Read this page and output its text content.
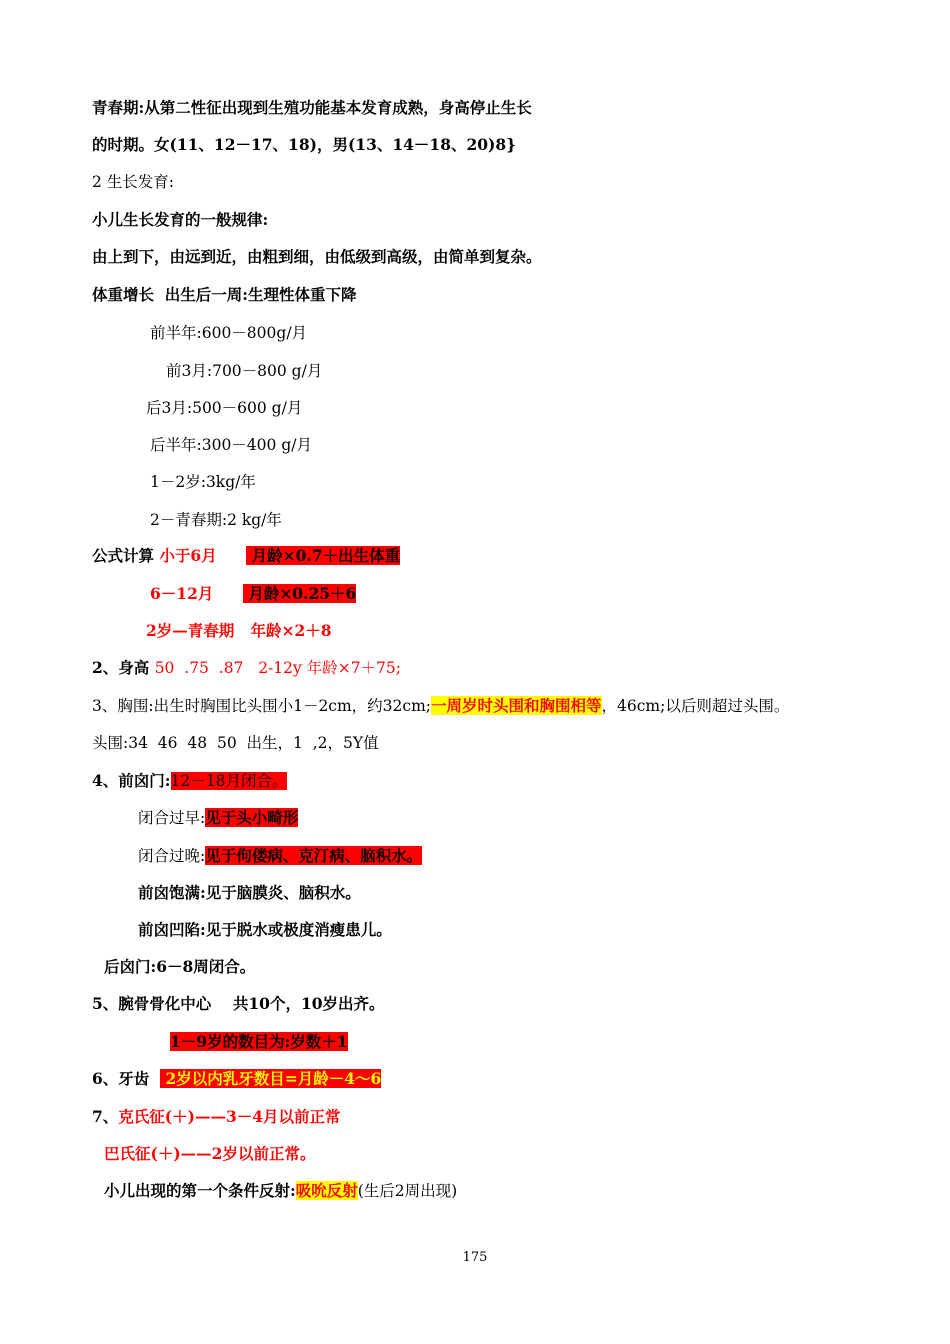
青春期:从第二性征出现到生殖功能基本发育成熟，身高停止生长
的时期。女(11、12－17、18)，男(13、14－18、20)8}
2 生长发育:
小儿生长发育的一般规律:
由上到下，由远到近，由粗到细，由低级到高级，由简单到复杂。
体重增长  出生后一周:生理性体重下降
前半年:600－800g/月
前3月:700－800 g/月
后3月:500－600 g/月
后半年:300－400 g/月
1－2岁:3kg/年
2－青春期:2 kg/年
公式计算 小于6月       月龄×0.7＋出生体重
6－12月       月龄×0.25＋6
2岁—青春期   年龄×2＋8
2、身高 50  .75  .87   2-12y 年龄×7＋75;
3、胸围:出生时胸围比头围小1－2cm，约32cm;一周岁时头围和胸围相等，46cm;以后则超过头围。
头围:34  46  48  50  出生，1  ,2，5Y值
4、前囟门:12－18月闭合。
闭合过早:见于头小畸形
闭合过晚:见于佝偻病、克汀病、脑积水。
前囟饱满:见于脑膜炎、脑积水。
前囟凹陷:见于脱水或极度消瘦患儿。
后囟门:6－8周闭合。
5、腕骨骨化中心    共10个，10岁出齐。
1－9岁的数目为:岁数＋1
6、牙齿   2岁以内乳牙数目=月龄－4～6
7、克氏征(＋)——3－4月以前正常
巴氏征(＋)——2岁以前正常。
小儿出现的第一个条件反射:吸吮反射(生后2周出现)
175
